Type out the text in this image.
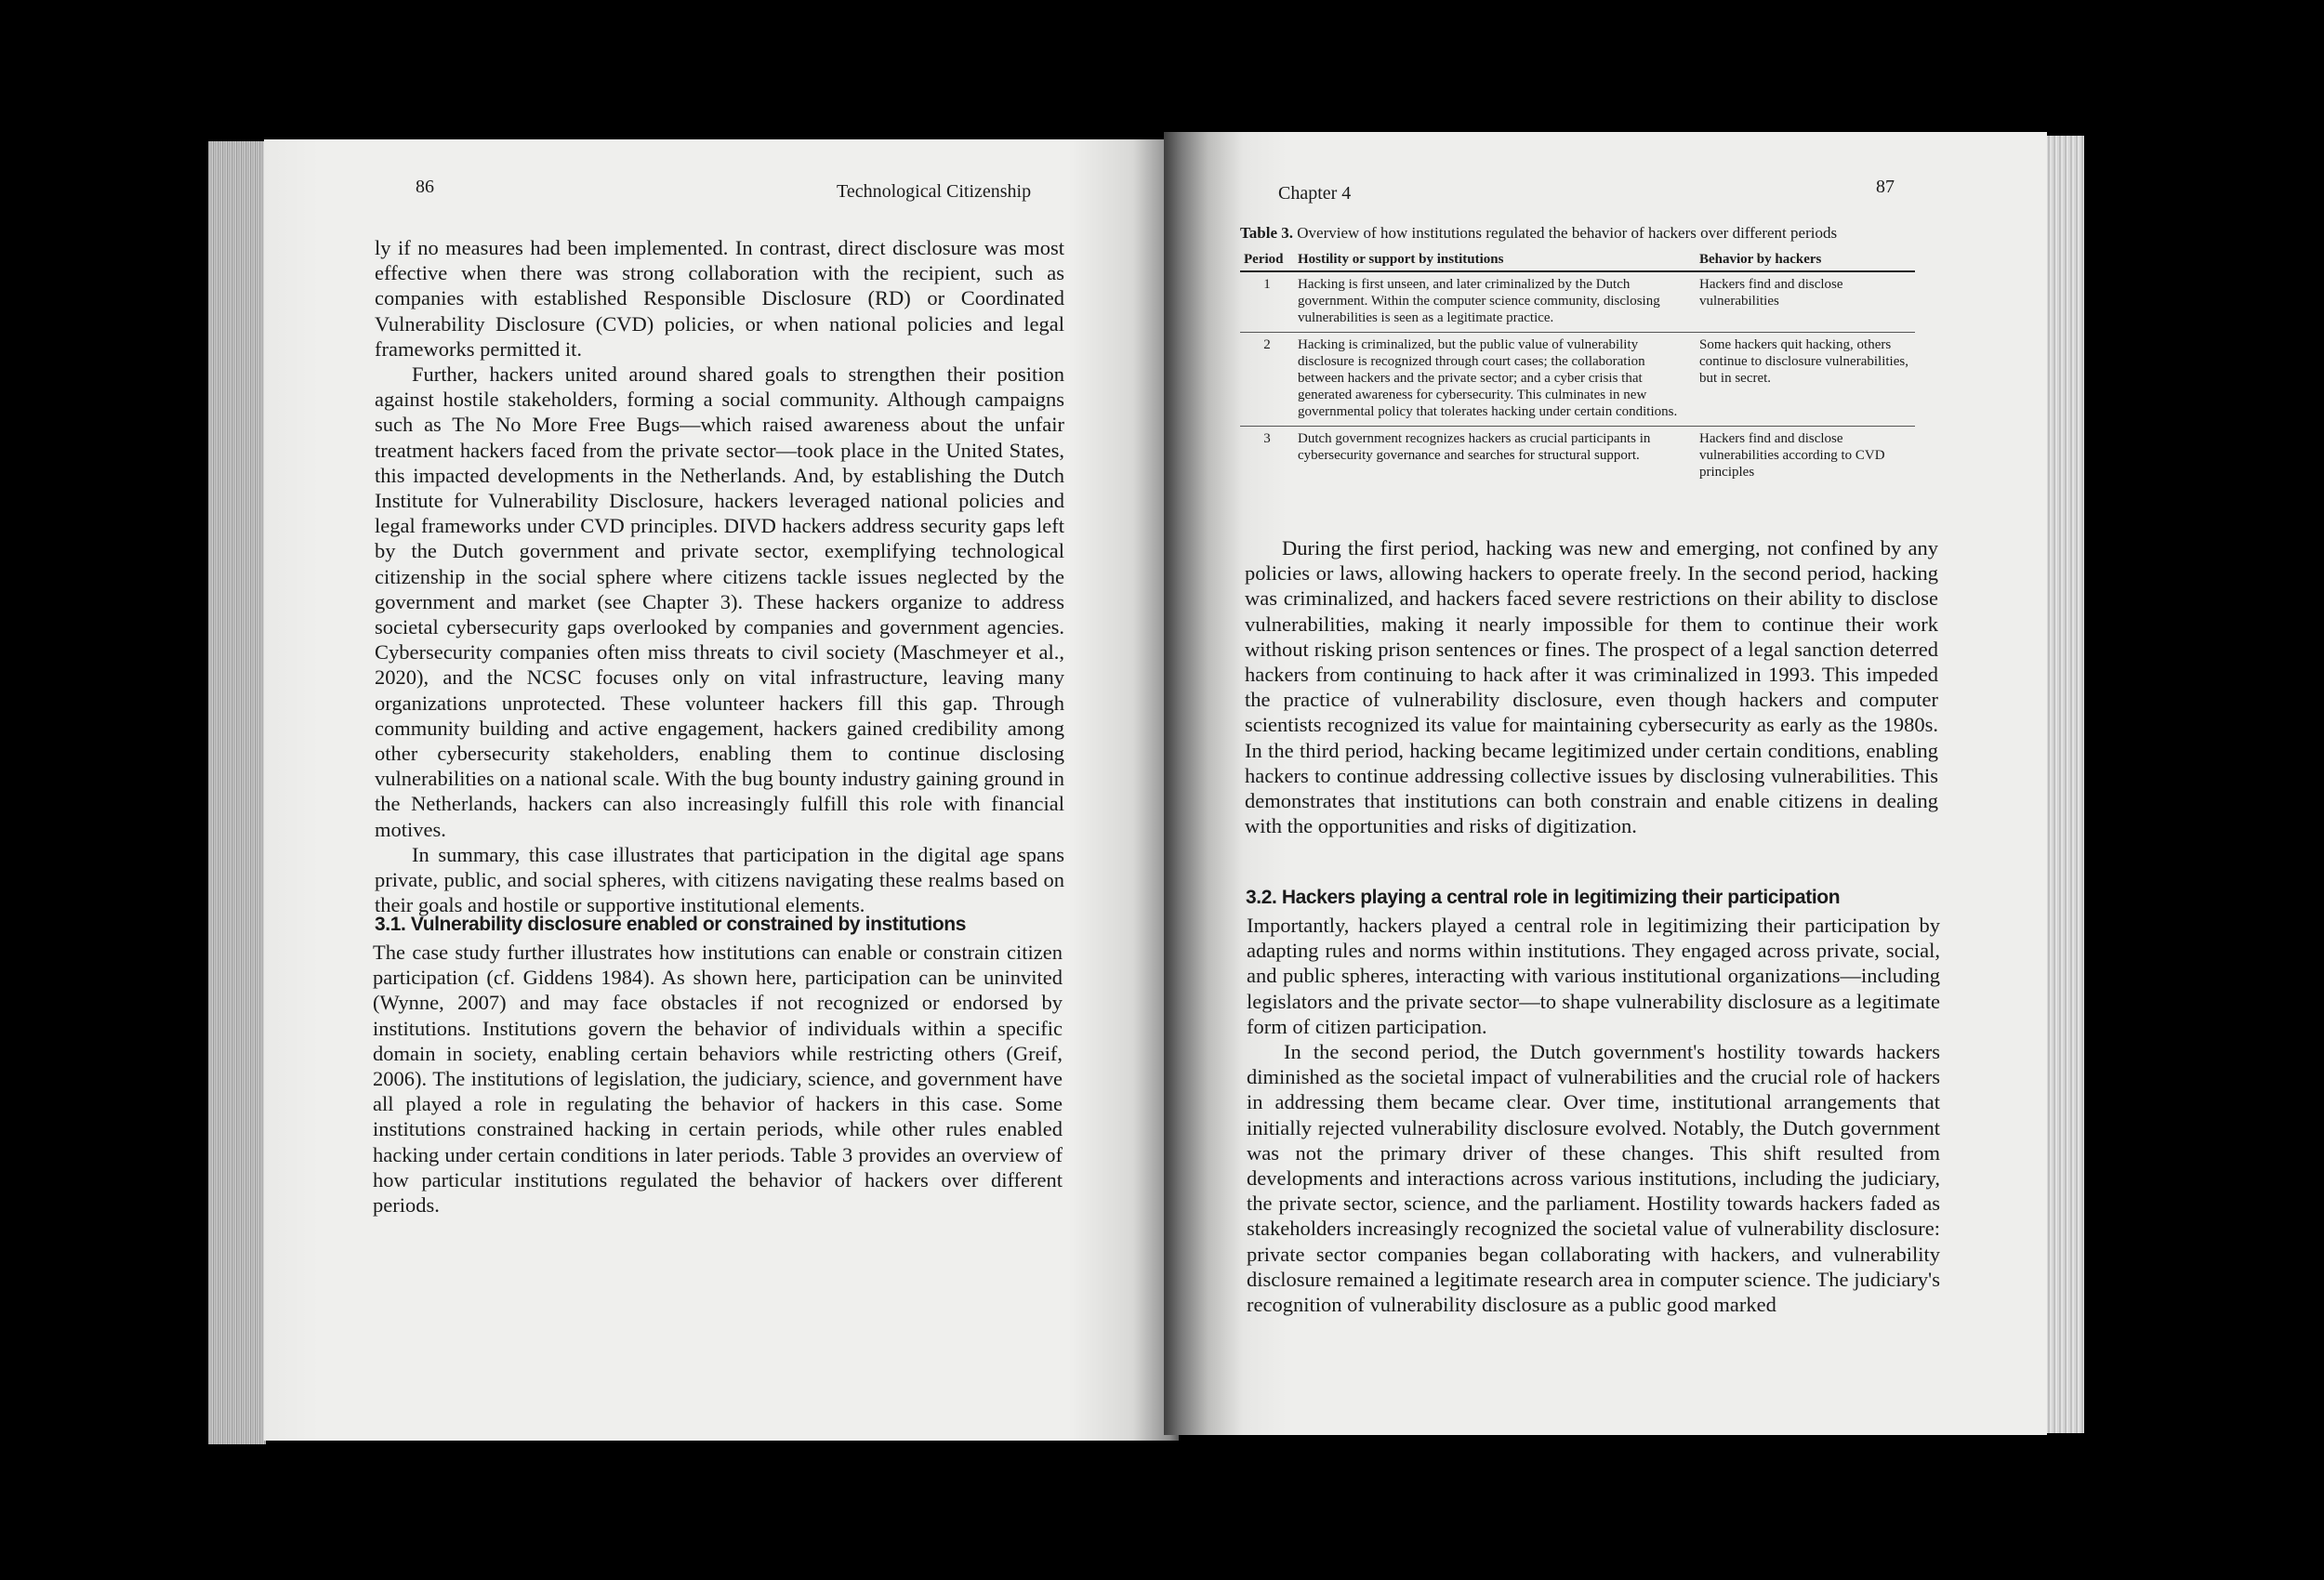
86	Technological Citizenship

ly if no measures had been implemented. In contrast, direct disclosure was most effective when there was strong collaboration with the recipient, such as companies with established Responsible Disclosure (RD) or Coordinated Vulnerability Disclosure (CVD) policies, or when national policies and legal frameworks permitted it.

Further, hackers united around shared goals to strengthen their position against hostile stakeholders, forming a social community. Although campaigns such as The No More Free Bugs—which raised awareness about the unfair treatment hackers faced from the private sector—took place in the United States, this impacted developments in the Netherlands. And, by establishing the Dutch Institute for Vulnerability Disclosure, hackers leveraged national policies and legal frameworks under CVD principles. DIVD hackers address security gaps left by the Dutch government and private sector, exemplifying technological citizenship in the social sphere where citizens tackle issues neglected by the government and market (see Chapter 3). These hackers organize to address societal cybersecurity gaps overlooked by companies and government agencies. Cybersecurity companies often miss threats to civil society (Maschmeyer et al., 2020), and the NCSC focuses only on vital infrastructure, leaving many organizations unprotected. These volunteer hackers fill this gap. Through community building and active engagement, hackers gained credibility among other cybersecurity stakeholders, enabling them to continue disclosing vulnerabilities on a national scale. With the bug bounty industry gaining ground in the Netherlands, hackers can also increasingly fulfill this role with financial motives.

In summary, this case illustrates that participation in the digital age spans private, public, and social spheres, with citizens navigating these realms based on their goals and hostile or supportive institutional elements.

3.1. Vulnerability disclosure enabled or constrained by institutions

The case study further illustrates how institutions can enable or constrain citizen participation (cf. Giddens 1984). As shown here, participation can be uninvited (Wynne, 2007) and may face obstacles if not recognized or endorsed by institutions. Institutions govern the behavior of individuals within a specific domain in society, enabling certain behaviors while restricting others (Greif, 2006). The institutions of legislation, the judiciary, science, and government have all played a role in regulating the behavior of hackers in this case. Some institutions constrained hacking in certain periods, while other rules enabled hacking under certain conditions in later periods. Table 3 provides an overview of how particular institutions regulated the behavior of hackers over different periods.

Chapter 4	87
Table 3. Overview of how institutions regulated the behavior of hackers over different periods
Period	Hostility or support by institutions	Behavior by hackers
1	Hacking is first unseen, and later criminalized by the Dutch government. Within the computer science community, disclosing vulnerabilities is seen as a legitimate practice.	Hackers find and disclose vulnerabilities
2	Hacking is criminalized, but the public value of vulnerability disclosure is recognized through court cases; the collaboration between hackers and the private sector; and a cyber crisis that generated awareness for cybersecurity. This culminates in new governmental policy that tolerates hacking under certain conditions.	Some hackers quit hacking, others continue to disclosure vulnerabilities, but in secret.
3	Dutch government recognizes hackers as crucial participants in cybersecurity governance and searches for structural support.	Hackers find and disclose vulnerabilities according to CVD principles

During the first period, hacking was new and emerging, not confined by any policies or laws, allowing hackers to operate freely. In the second period, hacking was criminalized, and hackers faced severe restrictions on their ability to disclose vulnerabilities, making it nearly impossible for them to continue their work without risking prison sentences or fines. The prospect of a legal sanction deterred hackers from continuing to hack after it was criminalized in 1993. This impeded the practice of vulnerability disclosure, even though hackers and computer scientists recognized its value for maintaining cybersecurity as early as the 1980s. In the third period, hacking became legitimized under certain conditions, enabling hackers to continue addressing collective issues by disclosing vulnerabilities. This demonstrates that institutions can both constrain and enable citizens in dealing with the opportunities and risks of digitization.

3.2. Hackers playing a central role in legitimizing their participation

Importantly, hackers played a central role in legitimizing their participation by adapting rules and norms within institutions. They engaged across private, social, and public spheres, interacting with various institutional organizations—including legislators and the private sector—to shape vulnerability disclosure as a legitimate form of citizen participation.

In the second period, the Dutch government's hostility towards hackers diminished as the societal impact of vulnerabilities and the crucial role of hackers in addressing them became clear. Over time, institutional arrangements that initially rejected vulnerability disclosure evolved. Notably, the Dutch government was not the primary driver of these changes. This shift resulted from developments and interactions across various institutions, including the judiciary, the private sector, science, and the parliament. Hostility towards hackers faded as stakeholders increasingly recognized the societal value of vulnerability disclosure: private sector companies began collaborating with hackers, and vulnerability disclosure remained a legitimate research area in computer science. The judiciary's recognition of vulnerability disclosure as a public good marked
